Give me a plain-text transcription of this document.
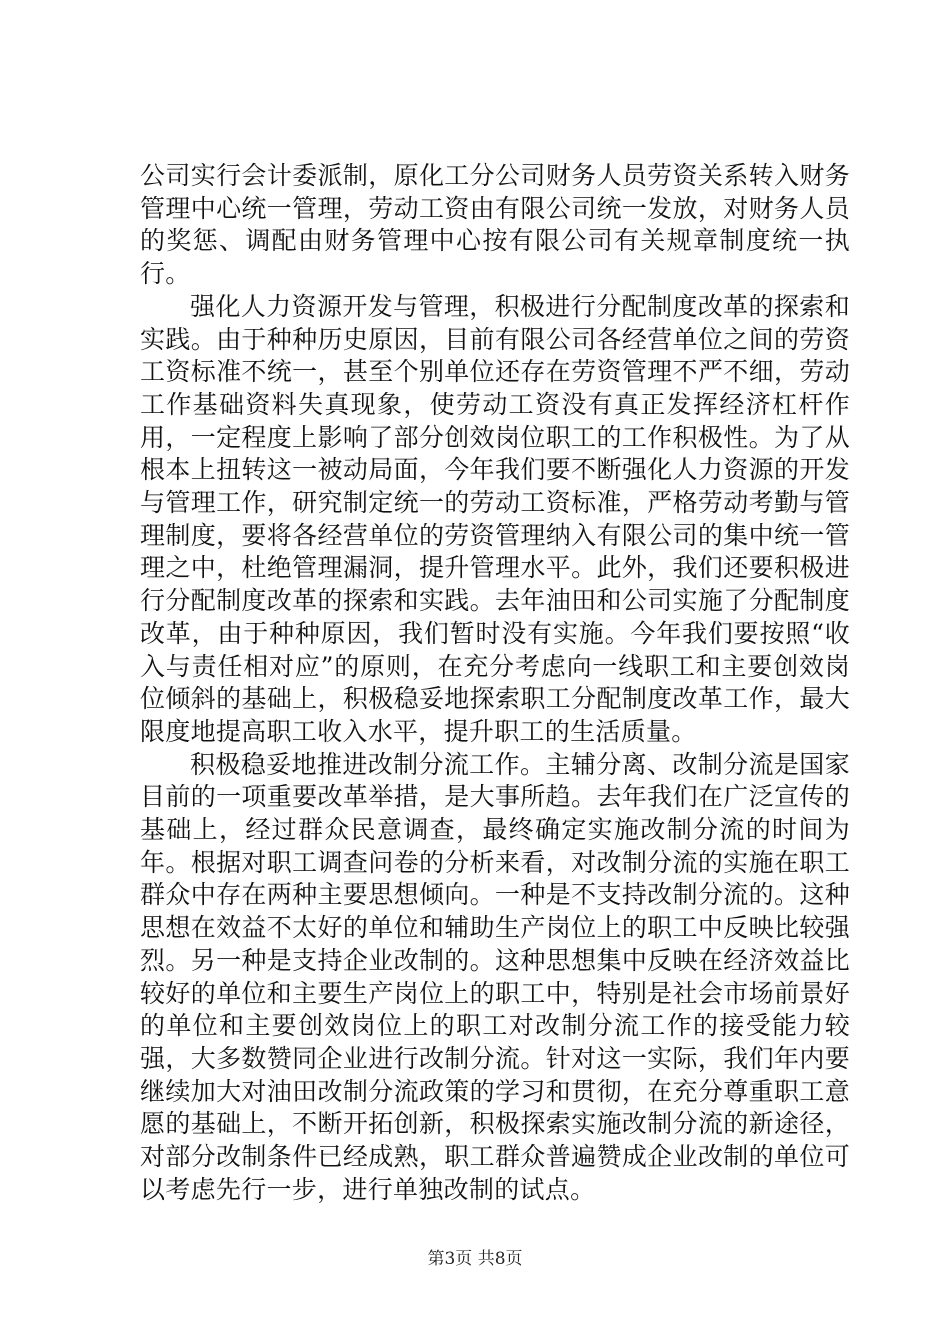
公司实行会计委派制，原化工分公司财务人员劳资关系转入财务管理中心统一管理，劳动工资由有限公司统一发放，对财务人员的奖惩、调配由财务管理中心按有限公司有关规章制度统一执行。

强化人力资源开发与管理，积极进行分配制度改革的探索和实践。由于种种历史原因，目前有限公司各经营单位之间的劳资工资标准不统一，甚至个别单位还存在劳资管理不严不细，劳动工作基础资料失真现象，使劳动工资没有真正发挥经济杠杆作用，一定程度上影响了部分创效岗位职工的工作积极性。为了从根本上扭转这一被动局面，今年我们要不断强化人力资源的开发与管理工作，研究制定统一的劳动工资标准，严格劳动考勤与管理制度，要将各经营单位的劳资管理纳入有限公司的集中统一管理之中，杜绝管理漏洞，提升管理水平。此外，我们还要积极进行分配制度改革的探索和实践。去年油田和公司实施了分配制度改革，由于种种原因，我们暂时没有实施。今年我们要按照“收入与责任相对应”的原则，在充分考虑向一线职工和主要创效岗位倾斜的基础上，积极稳妥地探索职工分配制度改革工作，最大限度地提高职工收入水平，提升职工的生活质量。

积极稳妥地推进改制分流工作。主辅分离、改制分流是国家目前的一项重要改革举措，是大事所趋。去年我们在广泛宣传的基础上，经过群众民意调查，最终确定实施改制分流的时间为年。根据对职工调查问卷的分析来看，对改制分流的实施在职工群众中存在两种主要思想倾向。一种是不支持改制分流的。这种思想在效益不太好的单位和辅助生产岗位上的职工中反映比较强烈。另一种是支持企业改制的。这种思想集中反映在经济效益比较好的单位和主要生产岗位上的职工中，特别是社会市场前景好的单位和主要创效岗位上的职工对改制分流工作的接受能力较强，大多数赞同企业进行改制分流。针对这一实际，我们年内要继续加大对油田改制分流政策的学习和贯彻，在充分尊重职工意愿的基础上，不断开拓创新，积极探索实施改制分流的新途径，对部分改制条件已经成熟，职工群众普遍赞成企业改制的单位可以考虑先行一步，进行单独改制的试点。

第3页 共8页
